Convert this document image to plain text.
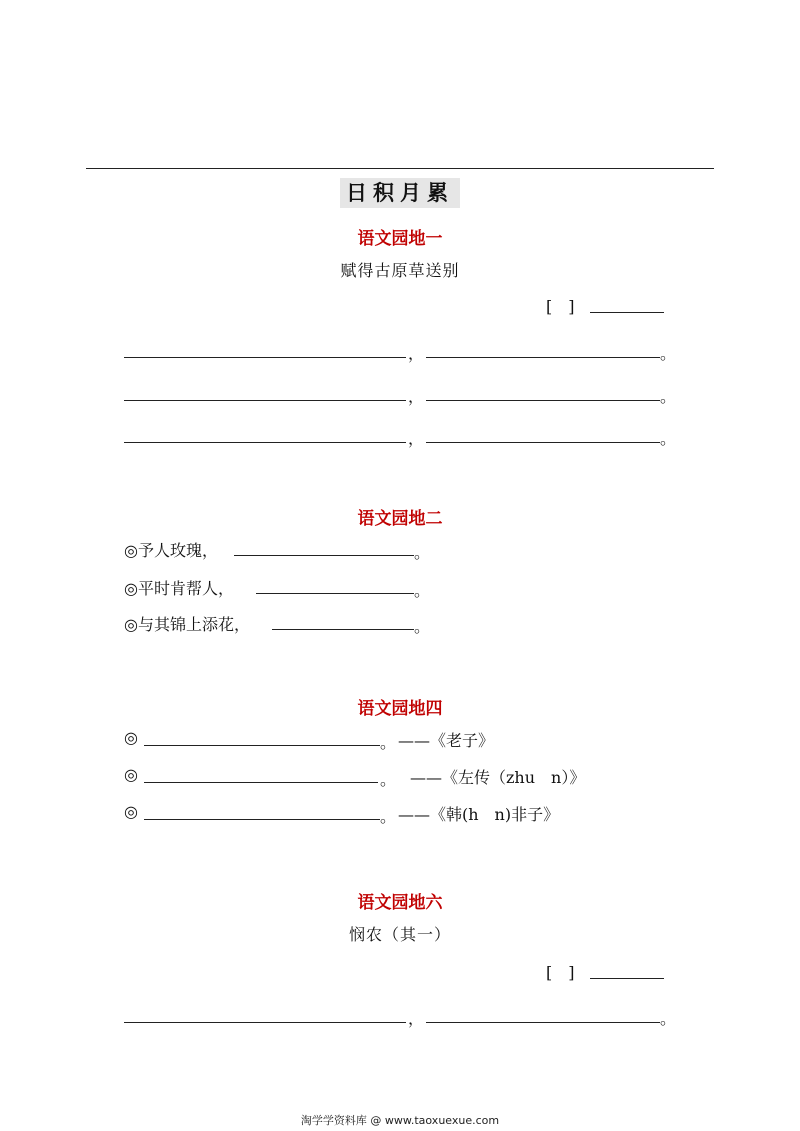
日积月累
语文园地一
赋得古原草送别
[　]
，	。
，	。
，	。
语文园地二
◎予人玫瑰，	。
◎平时肯帮人，	。
◎与其锦上添花，	。
语文园地四
◎	。 ——《老子》
◎	。 ——《左传（zhu　n）》
◎	。 ——《韩(h　n)非子》
语文园地六
悯农（其一）
[　]
，	。
淘学学资料库 @ www.taoxuexue.com
